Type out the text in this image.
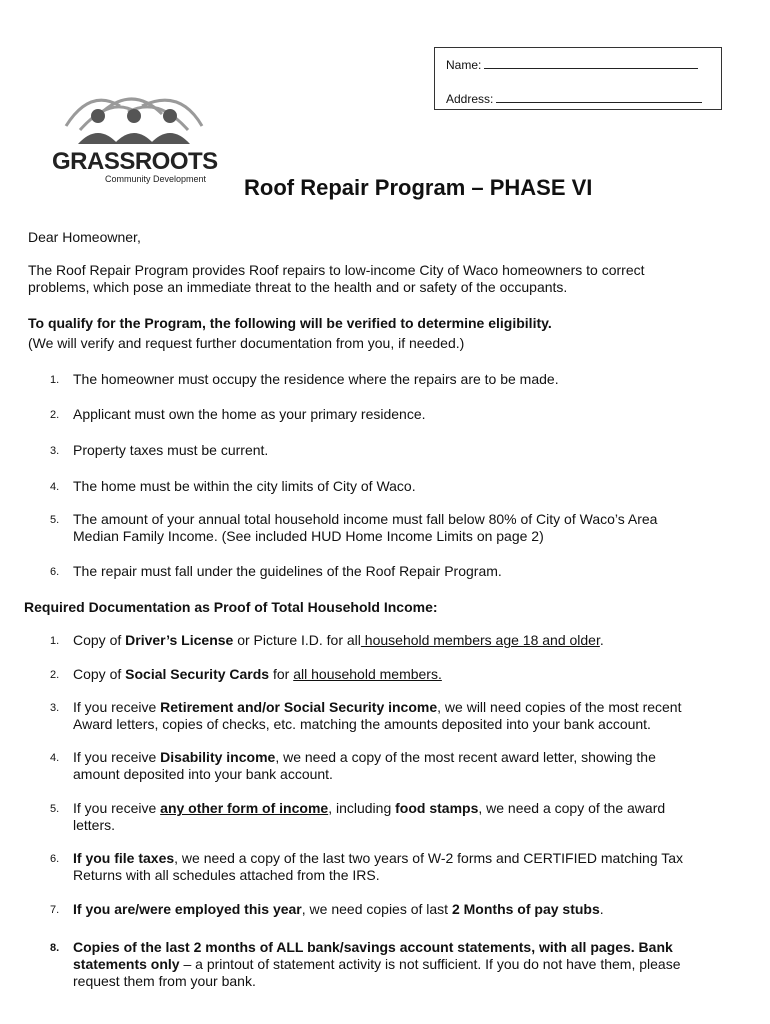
Name:
Address:
GRASSROOTS
Community Development Roof Repair Program – PHASE VI
Dear Homeowner,
The Roof Repair Program provides Roof repairs to low-income City of Waco homeowners to correct
problems, which pose an immediate threat to the health and or safety of the occupants.
To qualify for the Program, the following will be verified to determine eligibility.
(We will verify and request further documentation from you, if needed.)
1. The homeowner must occupy the residence where the repairs are to be made.
2. Applicant must own the home as your primary residence.
3. Property taxes must be current.
4. The home must be within the city limits of City of Waco.
5. The amount of your annual total household income must fall below 80% of City of Waco’s Area
Median Family Income. (See included HUD Home Income Limits on page 2)
6. The repair must fall under the guidelines of the Roof Repair Program.
Required Documentation as Proof of Total Household Income:
1. Copy of Driver’s License or Picture I.D. for all household members age 18 and older.
2. Copy of Social Security Cards for all household members.
3. If you receive Retirement and/or Social Security income, we will need copies of the most recent
Award letters, copies of checks, etc. matching the amounts deposited into your bank account.
4. If you receive Disability income, we need a copy of the most recent award letter, showing the
amount deposited into your bank account.
5. If you receive any other form of income, including food stamps, we need a copy of the award
letters.
6. If you file taxes, we need a copy of the last two years of W-2 forms and CERTIFIED matching Tax
Returns with all schedules attached from the IRS.
7. If you are/were employed this year, we need copies of last 2 Months of pay stubs.
8. Copies of the last 2 months of ALL bank/savings account statements, with all pages. Bank
statements only – a printout of statement activity is not sufficient. If you do not have them, please
request them from your bank.
